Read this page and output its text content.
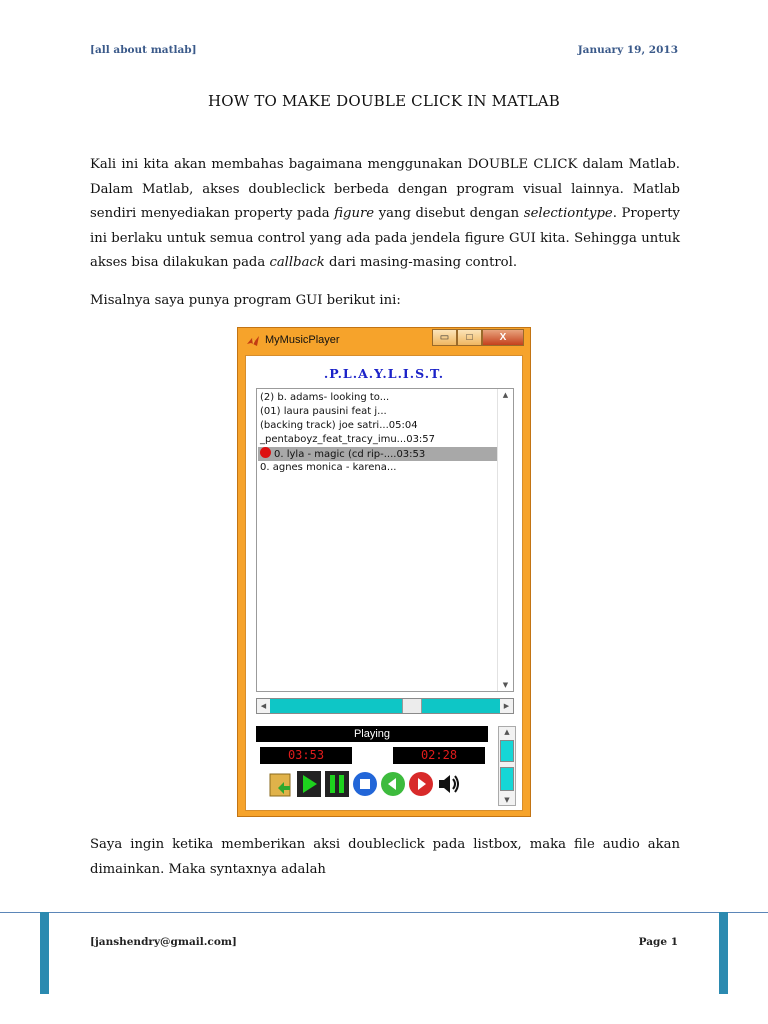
[all about matlab]	January 19, 2013
HOW TO MAKE DOUBLE CLICK IN MATLAB
Kali ini kita akan membahas bagaimana menggunakan DOUBLE CLICK dalam Matlab. Dalam Matlab, akses doubleclick berbeda dengan program visual lainnya. Matlab sendiri menyediakan property pada figure yang disebut dengan selectiontype. Property ini berlaku untuk semua control yang ada pada jendela figure GUI kita. Sehingga untuk akses bisa dilakukan pada callback dari masing-masing control.
Misalnya saya punya program GUI berikut ini:
MyMusicPlayer	▭	□	X
.P.L.A.Y.L.I.S.T.
(2) b. adams- looking to...
(01) laura pausini feat j...
(backing track) joe satri...05:04
_pentaboyz_feat_tracy_imu...03:57
0. lyla - magic (cd rip-....03:53
0. agnes monica - karena...
▲
▼
◀	▶
Playing
03:53	02:28
▲
▼
Saya ingin ketika memberikan aksi doubleclick pada listbox, maka file audio akan dimainkan. Maka syntaxnya adalah
[janshendry@gmail.com]	Page 1
